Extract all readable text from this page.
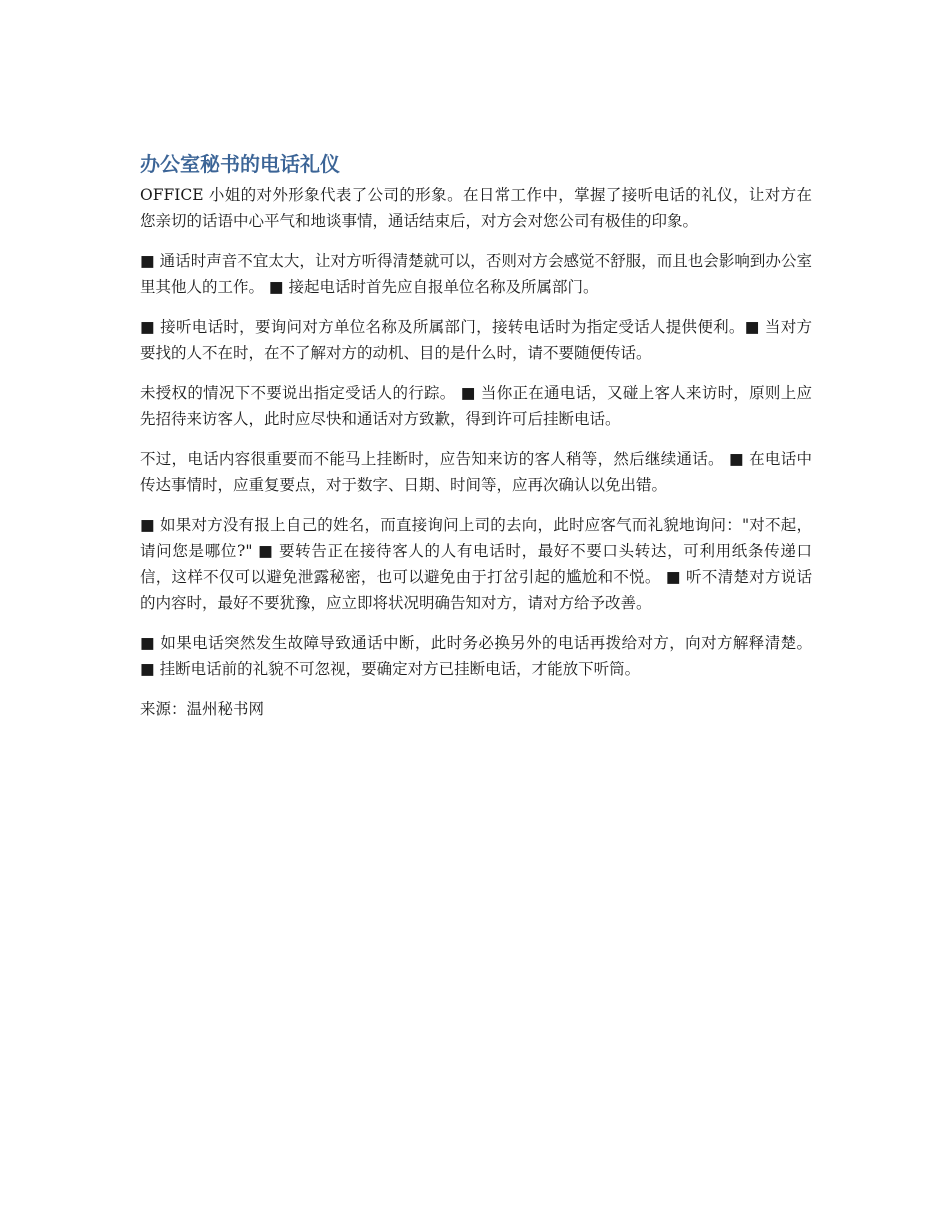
办公室秘书的电话礼仪

OFFICE 小姐的对外形象代表了公司的形象。在日常工作中，掌握了接听电话的礼仪，让对方在您亲切的话语中心平气和地谈事情，通话结束后，对方会对您公司有极佳的印象。

■ 通话时声音不宜太大，让对方听得清楚就可以，否则对方会感觉不舒服，而且也会影响到办公室里其他人的工作。 ■ 接起电话时首先应自报单位名称及所属部门。

■ 接听电话时，要询问对方单位名称及所属部门，接转电话时为指定受话人提供便利。■ 当对方要找的人不在时，在不了解对方的动机、目的是什么时，请不要随便传话。

未授权的情况下不要说出指定受话人的行踪。 ■ 当你正在通电话，又碰上客人来访时，原则上应先招待来访客人，此时应尽快和通话对方致歉，得到许可后挂断电话。

不过，电话内容很重要而不能马上挂断时，应告知来访的客人稍等，然后继续通话。 ■ 在电话中传达事情时，应重复要点，对于数字、日期、时间等，应再次确认以免出错。

■ 如果对方没有报上自己的姓名，而直接询问上司的去向，此时应客气而礼貌地询问："对不起，请问您是哪位?" ■ 要转告正在接待客人的人有电话时，最好不要口头转达，可利用纸条传递口信，这样不仅可以避免泄露秘密，也可以避免由于打岔引起的尴尬和不悦。 ■ 听不清楚对方说话的内容时，最好不要犹豫，应立即将状况明确告知对方，请对方给予改善。

■ 如果电话突然发生故障导致通话中断，此时务必换另外的电话再拨给对方，向对方解释清楚。 ■ 挂断电话前的礼貌不可忽视，要确定对方已挂断电话，才能放下听筒。

来源：温州秘书网
